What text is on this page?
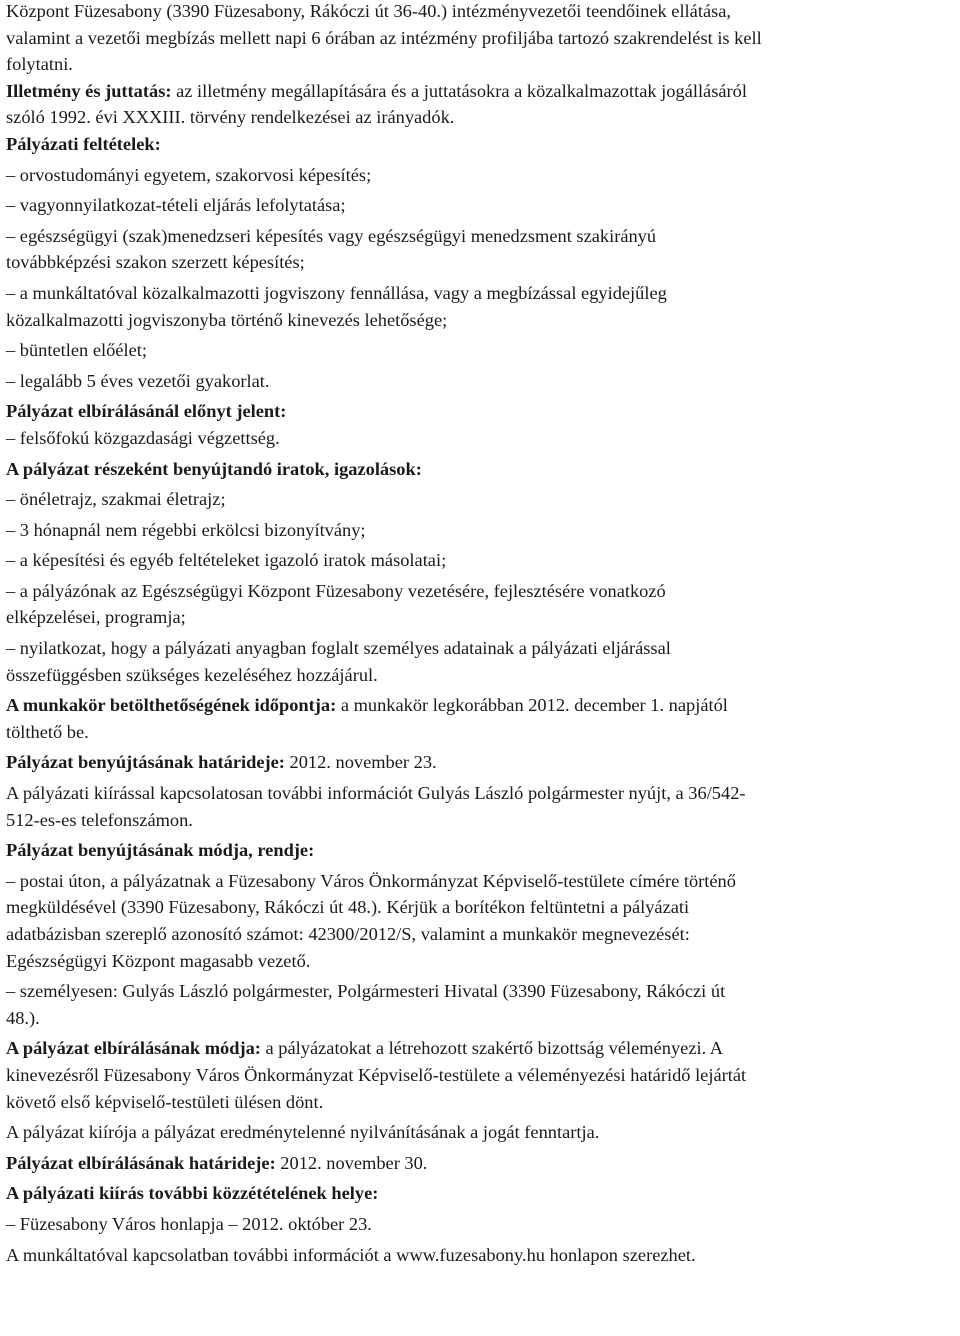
Központ Füzesabony (3390 Füzesabony, Rákóczi út 36-40.) intézményvezetői teendőinek ellátása,
valamint a vezetői megbízás mellett napi 6 órában az intézmény profiljába tartozó szakrendelést is kell
folytatni.

Illetmény és juttatás: az illetmény megállapítására és a juttatásokra a közalkalmazottak jogállásáról
szóló 1992. évi XXXIII. törvény rendelkezései az irányadók.

Pályázati feltételek:

– orvostudományi egyetem, szakorvosi képesítés;

– vagyonnyilatkozat-tételi eljárás lefolytatása;

– egészségügyi (szak)menedzseri képesítés vagy egészségügyi menedzsment szakirányú
továbbképzési szakon szerzett képesítés;

– a munkáltatóval közalkalmazotti jogviszony fennállása, vagy a megbízással egyidejűleg
közalkalmazotti jogviszonyba történő kinevezés lehetősége;

– büntetlen előélet;

– legalább 5 éves vezetői gyakorlat.

Pályázat elbírálásánál előnyt jelent:

– felsőfokú közgazdasági végzettség.

A pályázat részeként benyújtandó iratok, igazolások:

– önéletrajz, szakmai életrajz;

– 3 hónapnál nem régebbi erkölcsi bizonyítvány;

– a képesítési és egyéb feltételeket igazoló iratok másolatai;

– a pályázónak az Egészségügyi Központ Füzesabony vezetésére, fejlesztésére vonatkozó
elképzelései, programja;

– nyilatkozat, hogy a pályázati anyagban foglalt személyes adatainak a pályázati eljárással
összefüggésben szükséges kezeléséhez hozzájárul.

A munkakör betölthetőségének időpontja: a munkakör legkorábban 2012. december 1. napjától
tölthető be.

Pályázat benyújtásának határideje: 2012. november 23.

A pályázati kiírással kapcsolatosan további információt Gulyás László polgármester nyújt, a 36/542-
512-es-es telefonszámon.

Pályázat benyújtásának módja, rendje:

– postai úton, a pályázatnak a Füzesabony Város Önkormányzat Képviselő-testülete címére történő
megküldésével (3390 Füzesabony, Rákóczi út 48.). Kérjük a borítékon feltüntetni a pályázati
adatbázisban szereplő azonosító számot: 42300/2012/S, valamint a munkakör megnevezését:
Egészségügyi Központ magasabb vezető.

– személyesen: Gulyás László polgármester, Polgármesteri Hivatal (3390 Füzesabony, Rákóczi út
48.).

A pályázat elbírálásának módja: a pályázatokat a létrehozott szakértő bizottság véleményezi. A
kinevezésről Füzesabony Város Önkormányzat Képviselő-testülete a véleményezési határidő lejártát
követő első képviselő-testületi ülésen dönt.

A pályázat kiírója a pályázat eredménytelenné nyilvánításának a jogát fenntartja.

Pályázat elbírálásának határideje: 2012. november 30.

A pályázati kiírás további közzétételének helye:

– Füzesabony Város honlapja – 2012. október 23.

A munkáltatóval kapcsolatban további információt a www.fuzesabony.hu honlapon szerezhet.
